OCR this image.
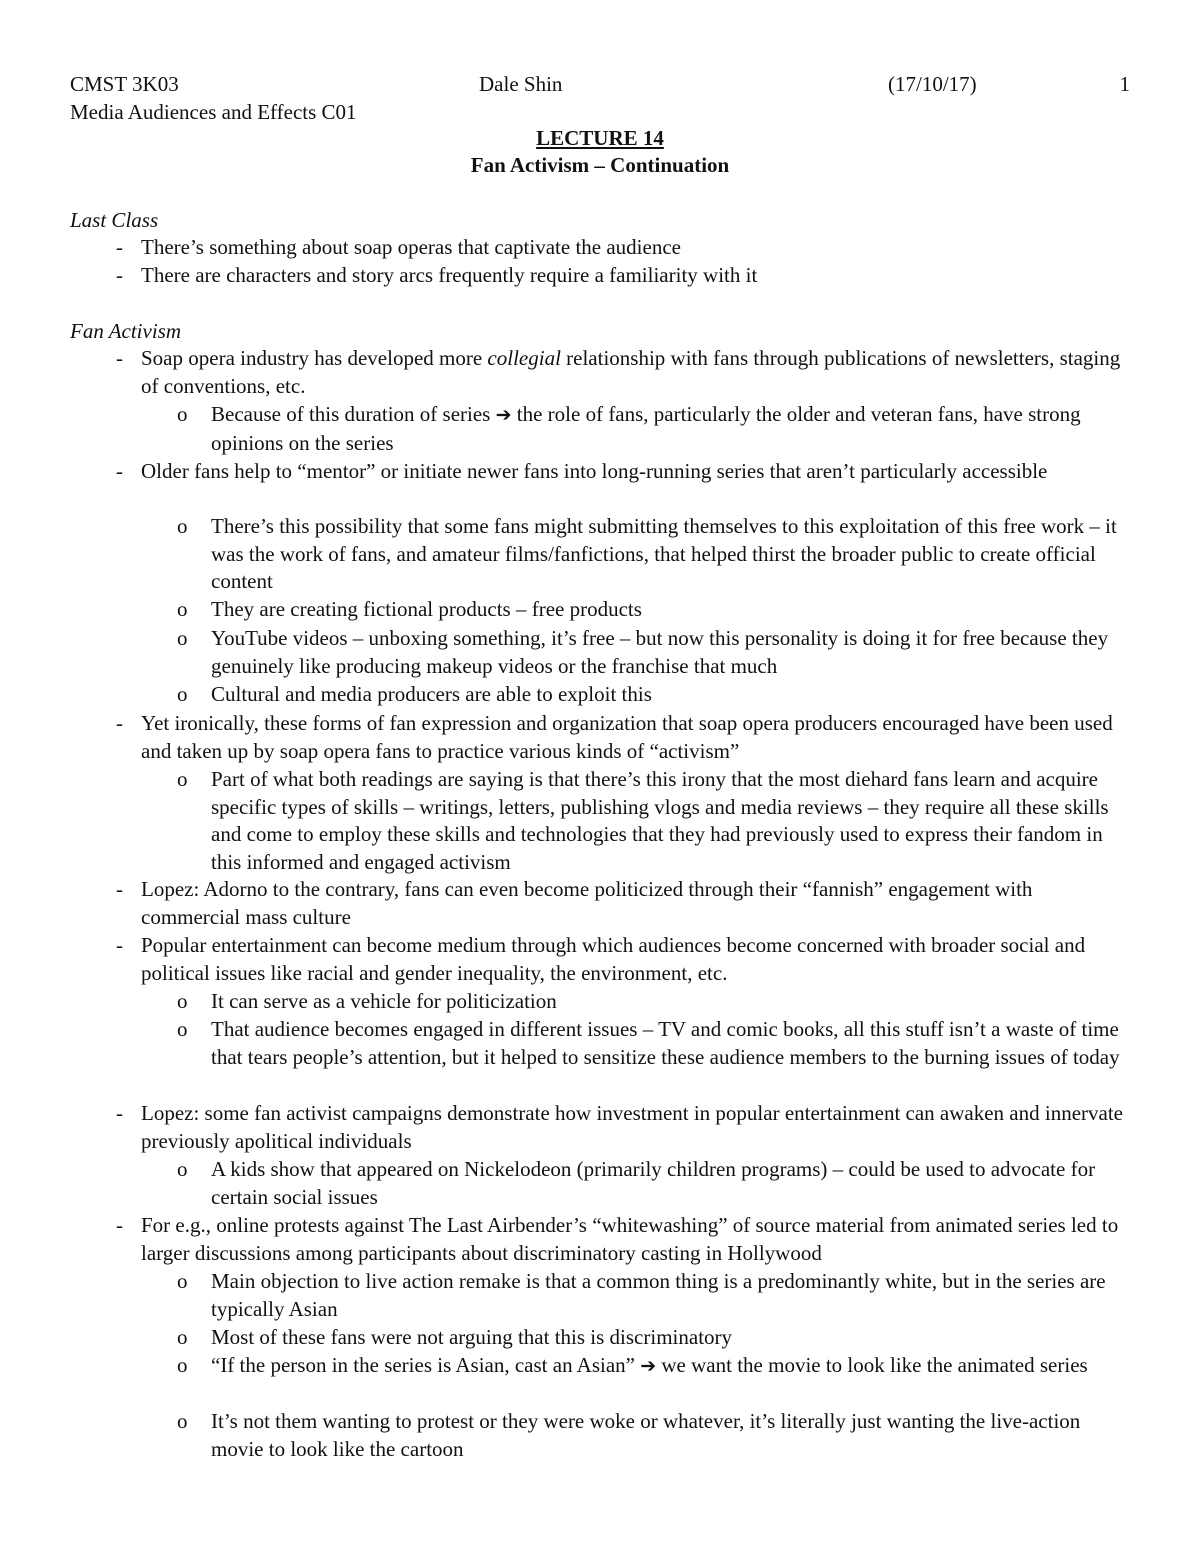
CMST 3K03	Dale Shin	(17/10/17)	1
Media Audiences and Effects C01
LECTURE 14
Fan Activism – Continuation
Last Class
- There’s something about soap operas that captivate the audience
- There are characters and story arcs frequently require a familiarity with it
Fan Activism
- Soap opera industry has developed more collegial relationship with fans through publications of newsletters, staging of conventions, etc.
o Because of this duration of series ➔ the role of fans, particularly the older and veteran fans, have strong opinions on the series
- Older fans help to “mentor” or initiate newer fans into long-running series that aren’t particularly accessible
o There’s this possibility that some fans might submitting themselves to this exploitation of this free work – it was the work of fans, and amateur films/fanfictions, that helped thirst the broader public to create official content
o They are creating fictional products – free products
o YouTube videos – unboxing something, it’s free – but now this personality is doing it for free because they genuinely like producing makeup videos or the franchise that much
o Cultural and media producers are able to exploit this
- Yet ironically, these forms of fan expression and organization that soap opera producers encouraged have been used and taken up by soap opera fans to practice various kinds of “activism”
o Part of what both readings are saying is that there’s this irony that the most diehard fans learn and acquire specific types of skills – writings, letters, publishing vlogs and media reviews – they require all these skills and come to employ these skills and technologies that they had previously used to express their fandom in this informed and engaged activism
- Lopez: Adorno to the contrary, fans can even become politicized through their “fannish” engagement with commercial mass culture
- Popular entertainment can become medium through which audiences become concerned with broader social and political issues like racial and gender inequality, the environment, etc.
o It can serve as a vehicle for politicization
o That audience becomes engaged in different issues – TV and comic books, all this stuff isn’t a waste of time that tears people’s attention, but it helped to sensitize these audience members to the burning issues of today
- Lopez: some fan activist campaigns demonstrate how investment in popular entertainment can awaken and innervate previously apolitical individuals
o A kids show that appeared on Nickelodeon (primarily children programs) – could be used to advocate for certain social issues
- For e.g., online protests against The Last Airbender’s “whitewashing” of source material from animated series led to larger discussions among participants about discriminatory casting in Hollywood
o Main objection to live action remake is that a common thing is a predominantly white, but in the series are typically Asian
o Most of these fans were not arguing that this is discriminatory
o “If the person in the series is Asian, cast an Asian” ➔ we want the movie to look like the animated series
o It’s not them wanting to protest or they were woke or whatever, it’s literally just wanting the live-action movie to look like the cartoon
